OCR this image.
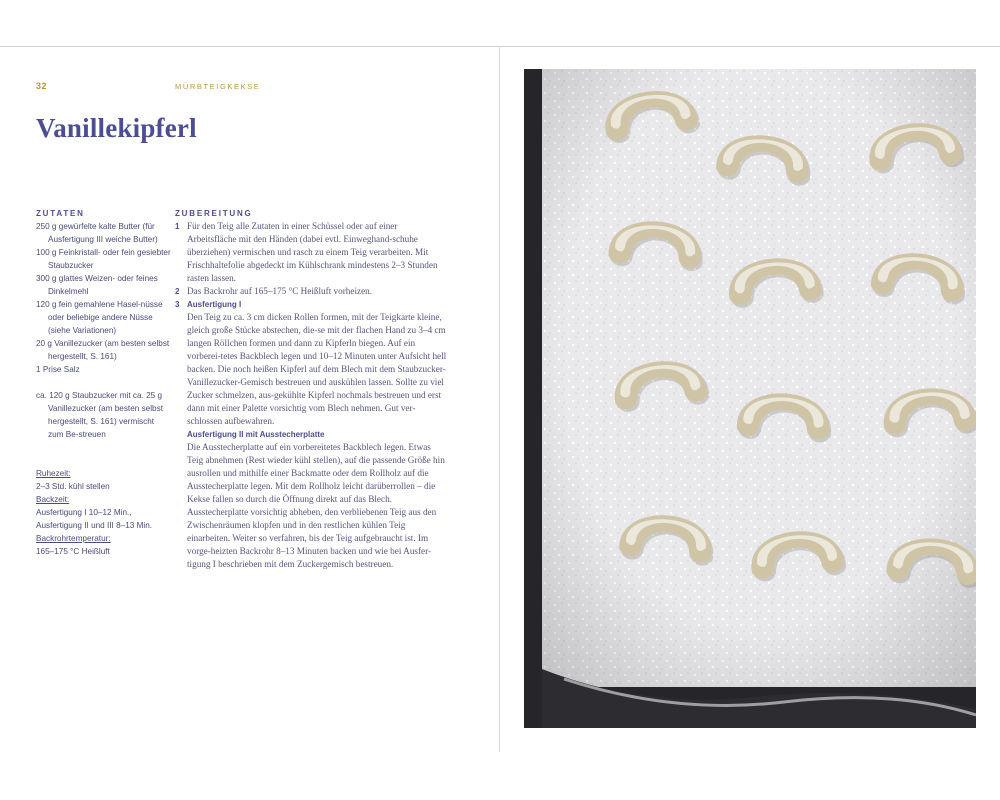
32	MÜRBTEIGKEKSE
Vanillekipferl
ZUTATEN
250 g gewürfelte kalte Butter (für Ausfertigung III weiche Butter)
100 g Feinkristall- oder fein gesiebter Staubzucker
300 g glattes Weizen- oder feines Dinkelmehl
120 g fein gemahlene Hasel-nüsse oder beliebige andere Nüsse (siehe Variationen)
20 g Vanillezucker (am besten selbst hergestellt, S. 161)
1 Prise Salz
ca. 120 g Staubzucker mit ca. 25 g Vanillezucker (am besten selbst hergestellt, S. 161) vermischt zum Be-streuen
Ruhezeit:
2–3 Std. kühl stellen
Backzeit:
Ausfertigung I 10–12 Min.,
Ausfertigung II und III 8–13 Min.
Backrohrtemperatur:
165–175 °C Heißluft
ZUBEREITUNG
1 Für den Teig alle Zutaten in einer Schüssel oder auf einer Arbeitsfläche mit den Händen (dabei evtl. Einweghand-schuhe überziehen) vermischen und rasch zu einem Teig verarbeiten. Mit Frischhaltefolie abgedeckt im Kühlschrank mindestens 2–3 Stunden rasten lassen.

2 Das Backrohr auf 165–175 °C Heißluft vorheizen.

3 Ausfertigung I

Den Teig zu ca. 3 cm dicken Rollen formen, mit der Teigkarte kleine, gleich große Stücke abstechen, die-se mit der flachen Hand zu 3–4 cm langen Röllchen formen und dann zu Kipferln biegen. Auf ein vorberei-tetes Backblech legen und 10–12 Minuten unter Aufsicht hell backen. Die noch heißen Kipferl auf dem Blech mit dem Staubzucker-Vanillezucker-Gemisch bestreuen und auskühlen lassen. Sollte zu viel Zucker schmelzen, aus-gekühlte Kipferl nochmals bestreuen und erst dann mit einer Palette vorsichtig vom Blech nehmen. Gut ver-schlossen aufbewahren.

Ausfertigung II mit Ausstecherplatte

Die Ausstecherplatte auf ein vorbereitetes Backblech legen. Etwas Teig abnehmen (Rest wieder kühl stellen), auf die passende Größe hin ausrollen und mithilfe einer Backmatte oder dem Rollholz auf die Ausstecherplatte legen. Mit dem Rollholz leicht darüberrollen – die Kekse fallen so durch die Öffnung direkt auf das Blech. Ausstecherplatte vorsichtig abheben, den verbliebenen Teig aus den Zwischenräumen klopfen und in den restlichen kühlen Teig einarbeiten. Weiter so verfahren, bis der Teig aufgebraucht ist. Im vorge-heizten Backrohr 8–13 Minuten backen und wie bei Ausfer-tigung I beschrieben mit dem Zuckergemisch bestreuen.
